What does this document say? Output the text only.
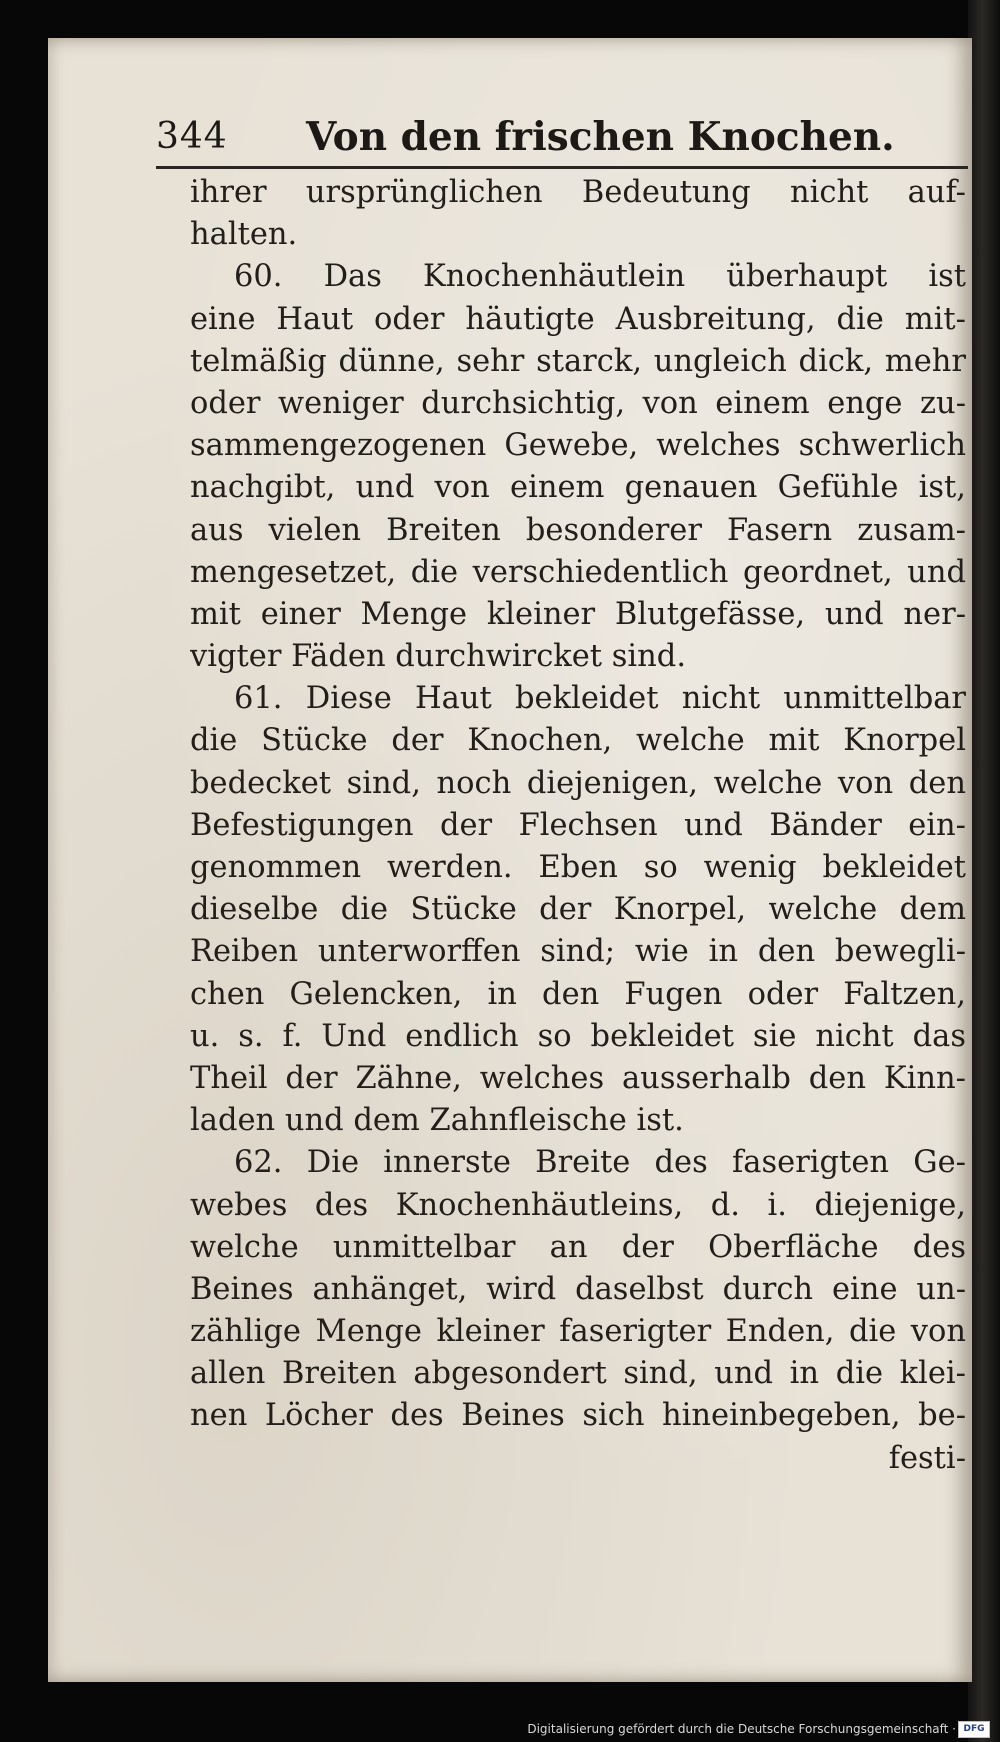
344 Von den frischen Knochen.
ihrer ursprünglichen Bedeutung nicht auf-
halten.
60. Das Knochenhäutlein überhaupt ist
eine Haut oder häutigte Ausbreitung, die mit-
telmäßig dünne, sehr starck, ungleich dick, mehr
oder weniger durchsichtig, von einem enge zu-
sammengezogenen Gewebe, welches schwerlich
nachgibt, und von einem genauen Gefühle ist,
aus vielen Breiten besonderer Fasern zusam-
mengesetzet, die verschiedentlich geordnet, und
mit einer Menge kleiner Blutgefässe, und ner-
vigter Fäden durchwircket sind.
61. Diese Haut bekleidet nicht unmittelbar
die Stücke der Knochen, welche mit Knorpel
bedecket sind, noch diejenigen, welche von den
Befestigungen der Flechsen und Bänder ein-
genommen werden. Eben so wenig bekleidet
dieselbe die Stücke der Knorpel, welche dem
Reiben unterworffen sind; wie in den bewegli-
chen Gelencken, in den Fugen oder Faltzen,
u. s. f. Und endlich so bekleidet sie nicht das
Theil der Zähne, welches ausserhalb den Kinn-
laden und dem Zahnfleische ist.
62. Die innerste Breite des faserigten Ge-
webes des Knochenhäutleins, d. i. diejenige,
welche unmittelbar an der Oberfläche des
Beines anhänget, wird daselbst durch eine un-
zählige Menge kleiner faserigter Enden, die von
allen Breiten abgesondert sind, und in die klei-
nen Löcher des Beines sich hineinbegeben, be-
festi-
Digitalisierung gefördert durch die Deutsche Forschungsgemeinschaft · DFG
